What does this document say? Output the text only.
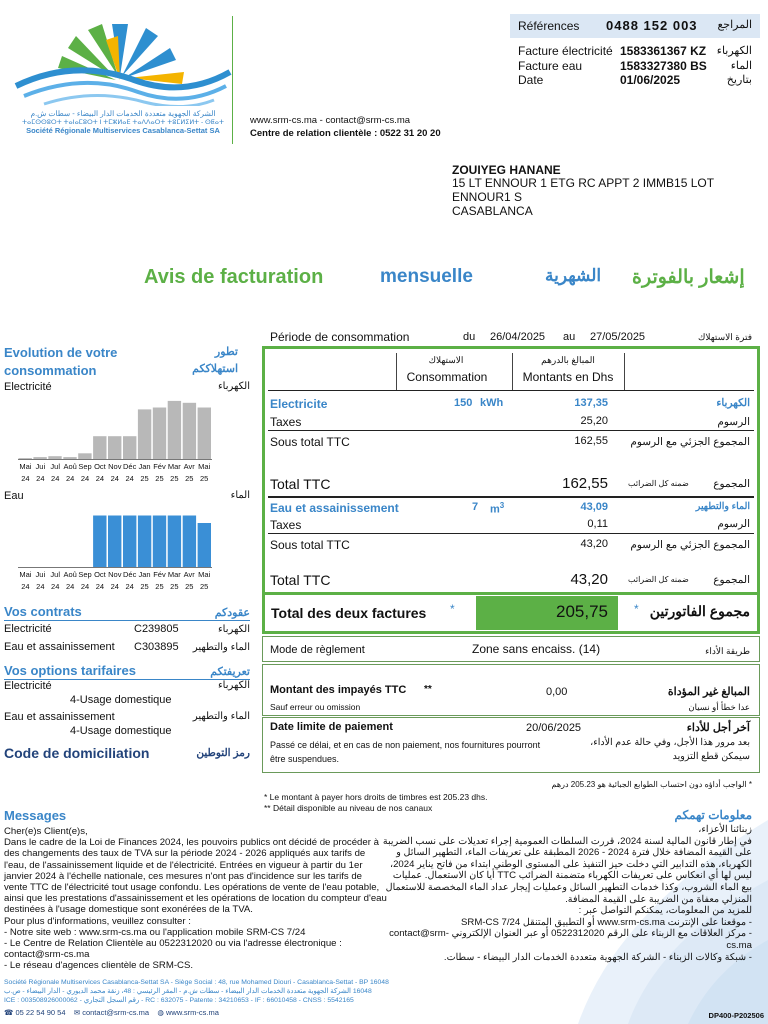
الشركة الجهوية متعددة الخدمات الدار البيضاء - سطات ش.م
ⵜⴰⵎⵙⵙⵓⵔⵜ ⵜⴰⵏⴰⵎⵓⵔⵜ ⵏ ⵜⵎⵣⵍⴰⴹ ⵜⴰⴷⴷⴰⵔⵜ ⵜⵓⵎⵍⵉⵍⵜ - ⵙⵟⴰⵜ
Société Régionale Multiservices Casablanca-Settat SA
Références 0488 152 003 المراجع
Facture électricité 1583361367 KZ الكهرباء
Facture eau	1583327380 BS الماء
Date	01/06/2025	بتاريخ
www.srm-cs.ma - contact@srm-cs.ma
Centre de relation clientèle : 0522 31 20 20
ZOUIYEG HANANE
15 LT ENNOUR 1 ETG RC APPT 2 IMMB15 LOT
ENNOUR1 S
CASABLANCA
Avis de facturation	mensuelle	الشهرية إشعار بالفوترة
Evolution de votre consommation
تطور استهلاككم
Electricité	الكهرباء
Mai Jui Jul Aoû Sep Oct Nov Déc Jan Fév Mar Avr Mai
24 24 24 24 24 24 24 24 25 25 25 25 25
Eau	الماء
Mai Jui Jul Aoû Sep Oct Nov Déc Jan Fév Mar Avr Mai
24 24 24 24 24 24 24 24 25 25 25 25 25
Vos contrats	عقودكم
Electricité	C239805	الكهرباء
Eau et assainissement C303895 الماء والتطهير
Vos options tarifaires	تعريفتكم
Electricité	الكهرباء
4-Usage domestique
Eau et assainissement	الماء والتطهير
4-Usage domestique
Code de domiciliation	رمز التوطين
Période de consommation	du 26/04/2025 au 27/05/2025	فترة الاستهلاك
الاستهلاك
Consommation
المبالغ بالدرهم
Montants en Dhs
Electricite	150 kWh	137,35	الكهرباء
Taxes	25,20	الرسوم
Sous total TTC	162,55 المجموع الجزئي مع الرسوم
Total TTC	162,55	ضمنه كل الضرائب المجموع
Eau et assainissement	7 $m^3$	43,09	الماء والتطهير
Taxes	0,11	الرسوم
Sous total TTC	43,20 المجموع الجزئي مع الرسوم
Total TTC	43,20	ضمنه كل الضرائب المجموع
Total des deux factures *	205,75 * مجموع الفاتورتين
Mode de règlement	Zone sans encaiss. (14)	طريقة الأداء
Montant des impayés TTC **	0,00	المبالغ غير المؤداة
Sauf erreur ou omission	عدا خطأ أو نسيان
Date limite de paiement	20/06/2025	آخر أجل للأداء
Passé ce délai, et en cas de non paiement, nos fournitures pourront être suspendues.
بعد مرور هذا الأجل، وفي حالة عدم الأداء، سيمكن قطع التزويد
* الواجب أداؤه دون احتساب الطوابع الجبائية هو 205.23 درهم
* Le montant à payer hors droits de timbres est 205.23 dhs.
** Détail disponible au niveau de nos canaux
Messages	معلومات تهمكم
Cher(e)s Client(e)s,
Dans le cadre de la Loi de Finances 2024, les pouvoirs publics ont décidé de procéder à des changements des taux de TVA sur la période 2024 - 2026 appliqués aux tarifs de l'eau, de l'assainissement liquide et de l'électricité. Entrées en vigueur à partir du 1er janvier 2024 à l'échelle nationale, ces mesures n'ont pas d'incidence sur les tarifs de vente TTC de l'électricité tout usage confondu. Les opérations de vente de l'eau potable, ainsi que les prestations d'assainissement et les opérations de location du compteur d'eau destinées à l'usage domestique sont exonérées de la TVA.
Pour plus d'informations, veuillez consulter :
- Notre site web : www.srm-cs.ma ou l'application mobile SRM-CS 7/24
- Le Centre de Relation Clientèle au 0522312020 ou via l'adresse électronique : contact@srm-cs.ma
- Le réseau d'agences clientèle de SRM-CS.
زبنائنا الأعزاء،
في إطار قانون المالية لسنة 2024، قررت السلطات العمومية إجراء تعديلات على نسب الضريبة على القيمة المضافة خلال فترة 2024 - 2026 المطبقة على تعريفات الماء، التطهير السائل و الكهرباء، هذه التدابير التي دخلت حيز التنفيذ على المستوى الوطني ابتداء من فاتح يناير 2024، ليس لها أي انعكاس على تعريفات الكهرباء متضمنة الضرائب TTC أيا كان الاستعمال. عمليات بيع الماء الشروب، وكذا خدمات التطهير السائل وعمليات إيجار عداد الماء المخصصة للاستعمال المنزلي معفاة من الضريبة على القيمة المضافة.
للمزيد من المعلومات، يمكنكم التواصل عبر :
- موقعنا على الإنترنت www.srm-cs.ma أو التطبيق المتنقل SRM-CS 7/24
- مركز العلاقات مع الزبناء على الرقم 0522312020 أو عبر العنوان الإلكتروني contact@srm-cs.ma
- شبكة وكالات الزبناء - الشركة الجهوية متعددة الخدمات الدار البيضاء - سطات.
Société Régionale Multiservices Casablanca-Settat SA - Siège Social : 48, rue Mohamed Diouri - Casablanca-Settat - BP 16048
16048 الشركة الجهوية متعددة الخدمات الدار البيضاء - سطات ش.م - المقر الرئيسي : 48، زنقة محمد الديوري - الدار البيضاء - ص.ب
ICE : 003508926000062 - رقم السجل التجاري - RC : 632075 - Patente : 34210653 - IF : 66010458 - CNSS : 5542165
☎ 05 22 54 90 54 ✉ contact@srm-cs.ma ◍ www.srm-cs.ma	DP400-P202506
